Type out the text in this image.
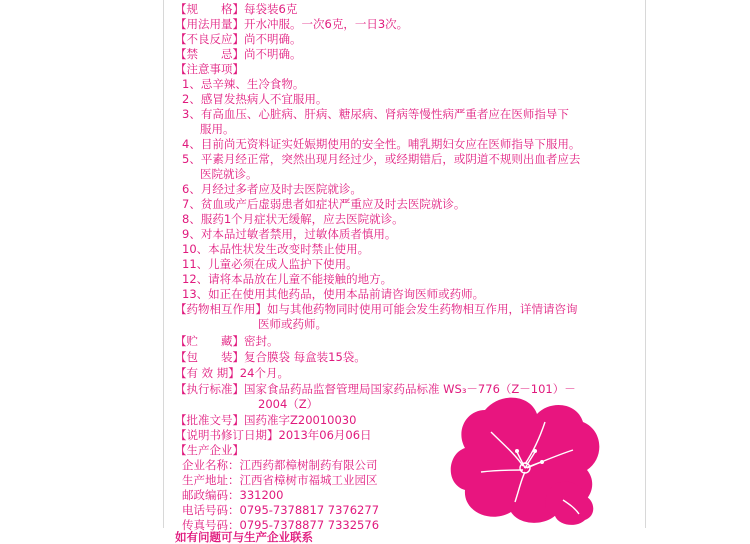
【规　　格】每袋装6克
【用法用量】开水冲服。一次6克，一日3次。
【不良反应】尚不明确。
【禁　　忌】尚不明确。
【注意事项】
1、忌辛辣、生冷食物。
2、感冒发热病人不宜服用。
3、有高血压、心脏病、肝病、糖尿病、肾病等慢性病严重者应在医师指导下
服用。
4、目前尚无资料证实妊娠期使用的安全性。哺乳期妇女应在医师指导下服用。
5、平素月经正常，突然出现月经过少，或经期错后，或阴道不规则出血者应去
医院就诊。
6、月经过多者应及时去医院就诊。
7、贫血或产后虚弱患者如症状严重应及时去医院就诊。
8、服药1个月症状无缓解，应去医院就诊。
9、对本品过敏者禁用，过敏体质者慎用。
10、本品性状发生改变时禁止使用。
11、儿童必须在成人监护下使用。
12、请将本品放在儿童不能接触的地方。
13、如正在使用其他药品，使用本品前请咨询医师或药师。
【药物相互作用】如与其他药物同时使用可能会发生药物相互作用，详情请咨询
医师或药师。
【贮　　藏】密封。
【包　　装】复合膜袋 每盒装15袋。
【有 效 期】24个月。
【执行标准】国家食品药品监督管理局国家药品标准 WS₃－776（Z－101）－
2004（Z）
【批准文号】国药准字Z20010030
【说明书修订日期】2013年06月06日
【生产企业】
企业名称：江西药都樟树制药有限公司
生产地址：江西省樟树市福城工业园区
邮政编码：331200
电话号码：0795-7378817 7376277
传真号码：0795-7378877 7332576
如有问题可与生产企业联系
